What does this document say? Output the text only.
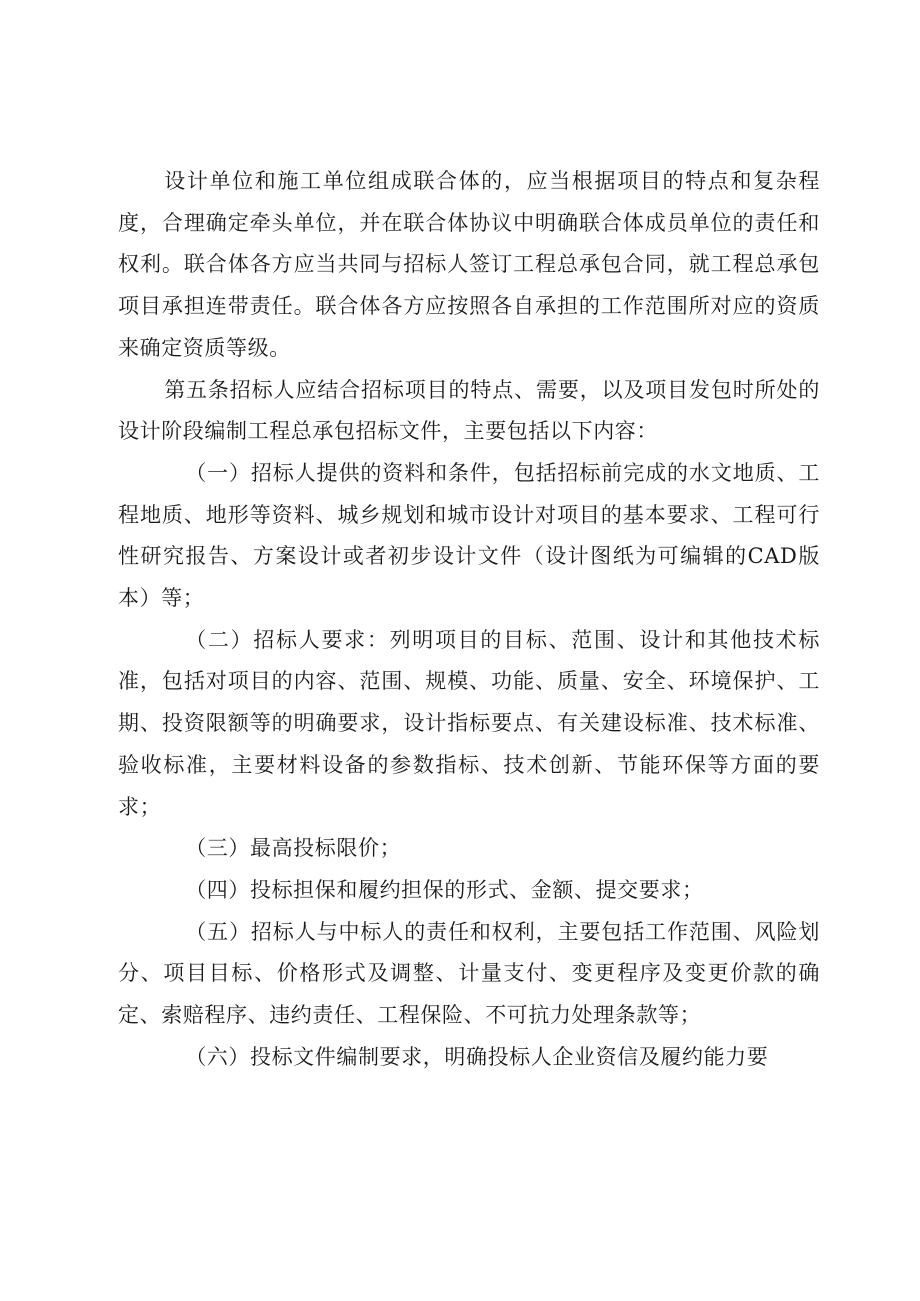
设计单位和施工单位组成联合体的，应当根据项目的特点和复杂程度，合理确定牵头单位，并在联合体协议中明确联合体成员单位的责任和权利。联合体各方应当共同与招标人签订工程总承包合同，就工程总承包项目承担连带责任。联合体各方应按照各自承担的工作范围所对应的资质来确定资质等级。

第五条招标人应结合招标项目的特点、需要，以及项目发包时所处的设计阶段编制工程总承包招标文件，主要包括以下内容：

（一）招标人提供的资料和条件，包括招标前完成的水文地质、工程地质、地形等资料、城乡规划和城市设计对项目的基本要求、工程可行性研究报告、方案设计或者初步设计文件（设计图纸为可编辑的CAD版本）等；

（二）招标人要求：列明项目的目标、范围、设计和其他技术标准，包括对项目的内容、范围、规模、功能、质量、安全、环境保护、工期、投资限额等的明确要求，设计指标要点、有关建设标准、技术标准、验收标准，主要材料设备的参数指标、技术创新、节能环保等方面的要求；

（三）最高投标限价；

（四）投标担保和履约担保的形式、金额、提交要求；

（五）招标人与中标人的责任和权利，主要包括工作范围、风险划分、项目目标、价格形式及调整、计量支付、变更程序及变更价款的确定、索赔程序、违约责任、工程保险、不可抗力处理条款等；

（六）投标文件编制要求，明确投标人企业资信及履约能力要
